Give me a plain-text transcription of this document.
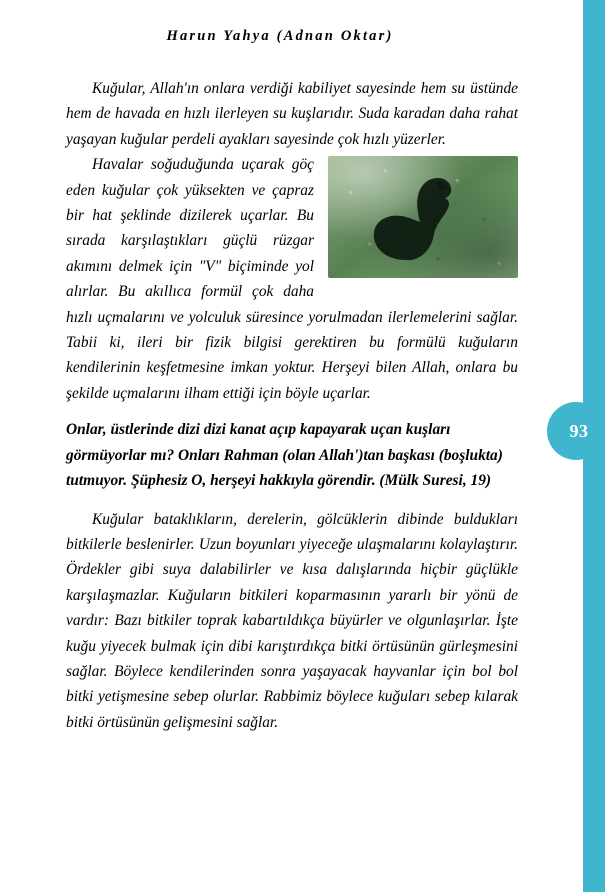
93
Harun Yahya (Adnan Oktar)

Kuğular, Allah'ın onlara verdiği kabiliyet sayesinde hem su üstünde hem de havada en hızlı ilerleyen su kuşlarıdır. Suda karadan daha rahat yaşayan kuğular perdeli ayakları sayesinde çok hızlı yüzerler.

Havalar soğuduğunda uçarak göç eden kuğular çok yüksekten ve çapraz bir hat şeklinde dizilerek uçarlar. Bu sırada karşılaştıkları güçlü rüzgar akımını delmek için "V" biçiminde yol alırlar. Bu akıllıca formül çok daha hızlı uçmalarını ve yolculuk süresince yorulmadan ilerlemelerini sağlar. Tabii ki, ileri bir fizik bilgisi gerektiren bu formülü kuğuların kendilerinin keşfetmesine imkan yoktur. Herşeyi bilen Allah, onlara bu şekilde uçmalarını ilham ettiği için böyle uçarlar.

Onlar, üstlerinde dizi dizi kanat açıp kapayarak uçan kuşları görmüyorlar mı? Onları Rahman (olan Allah')tan başkası (boşlukta) tutmuyor. Şüphesiz O, herşeyi hakkıyla görendir. (Mülk Suresi, 19)

Kuğular bataklıkların, derelerin, gölcüklerin dibinde buldukları bitkilerle beslenirler. Uzun boyunları yiyeceğe ulaşmalarını kolaylaştırır. Ördekler gibi suya dalabilirler ve kısa dalışlarında hiçbir güçlükle karşılaşmazlar. Kuğuların bitkileri koparmasının yararlı bir yönü de vardır: Bazı bitkiler toprak kabartıldıkça büyürler ve olgunlaşırlar. İşte kuğu yiyecek bulmak için dibi karıştırdıkça bitki örtüsünün gürleşmesini sağlar. Böylece kendilerinden sonra yaşayacak hayvanlar için bol bol bitki yetişmesine sebep olurlar. Rabbimiz böylece kuğuları sebep kılarak bitki örtüsünün gelişmesini sağlar.
